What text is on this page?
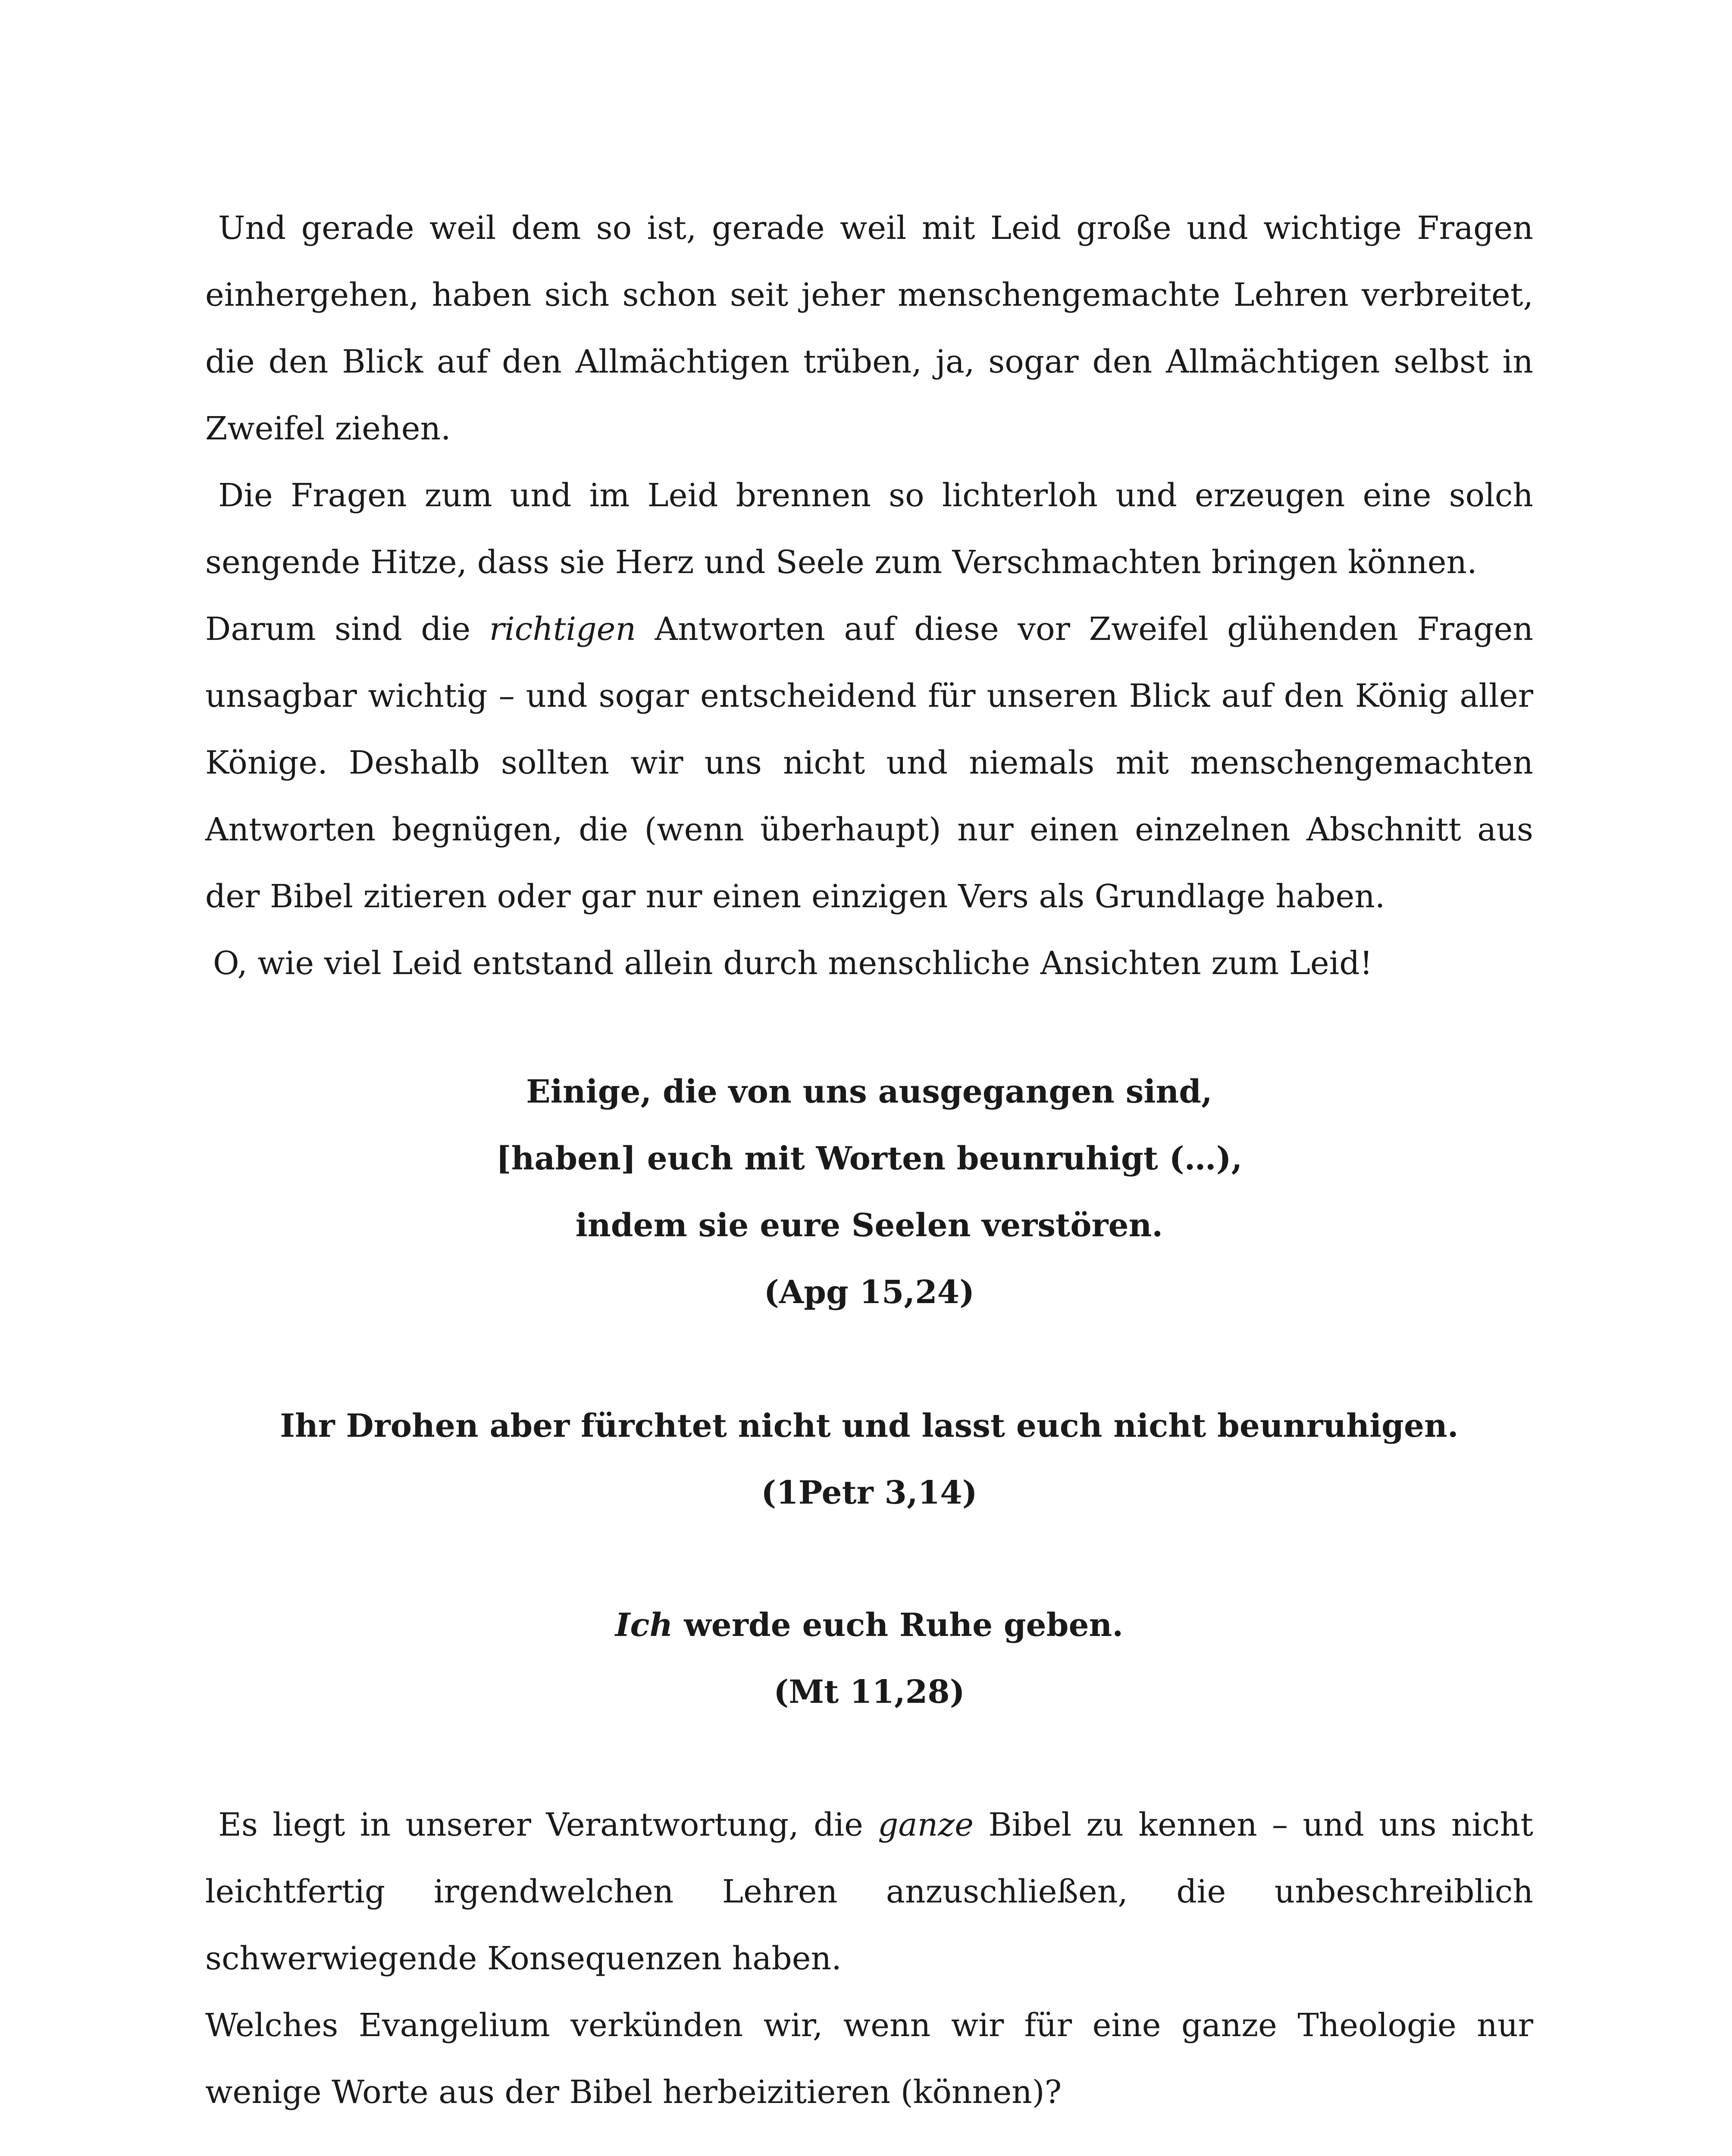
Und gerade weil dem so ist, gerade weil mit Leid große und wichtige Fragen einhergehen, haben sich schon seit jeher menschengemachte Lehren verbreitet, die den Blick auf den Allmächtigen trüben, ja, sogar den Allmächtigen selbst in Zweifel ziehen.

Die Fragen zum und im Leid brennen so lichterloh und erzeugen eine solch sengende Hitze, dass sie Herz und Seele zum Verschmachten bringen können.

Darum sind die richtigen Antworten auf diese vor Zweifel glühenden Fragen unsagbar wichtig – und sogar entscheidend für unseren Blick auf den König aller Könige. Deshalb sollten wir uns nicht und niemals mit menschengemachten Antworten begnügen, die (wenn überhaupt) nur einen einzelnen Abschnitt aus der Bibel zitieren oder gar nur einen einzigen Vers als Grundlage haben.

O, wie viel Leid entstand allein durch menschliche Ansichten zum Leid!

Einige, die von uns ausgegangen sind,
[haben] euch mit Worten beunruhigt (…),
indem sie eure Seelen verstören.
(Apg 15,24)
Ihr Drohen aber fürchtet nicht und lasst euch nicht beunruhigen.
(1Petr 3,14)
Ich werde euch Ruhe geben.
(Mt 11,28)

Es liegt in unserer Verantwortung, die ganze Bibel zu kennen – und uns nicht leichtfertig irgendwelchen Lehren anzuschließen, die unbeschreiblich schwerwiegende Konsequenzen haben.

Welches Evangelium verkünden wir, wenn wir für eine ganze Theologie nur wenige Worte aus der Bibel herbeizitieren (können)?
